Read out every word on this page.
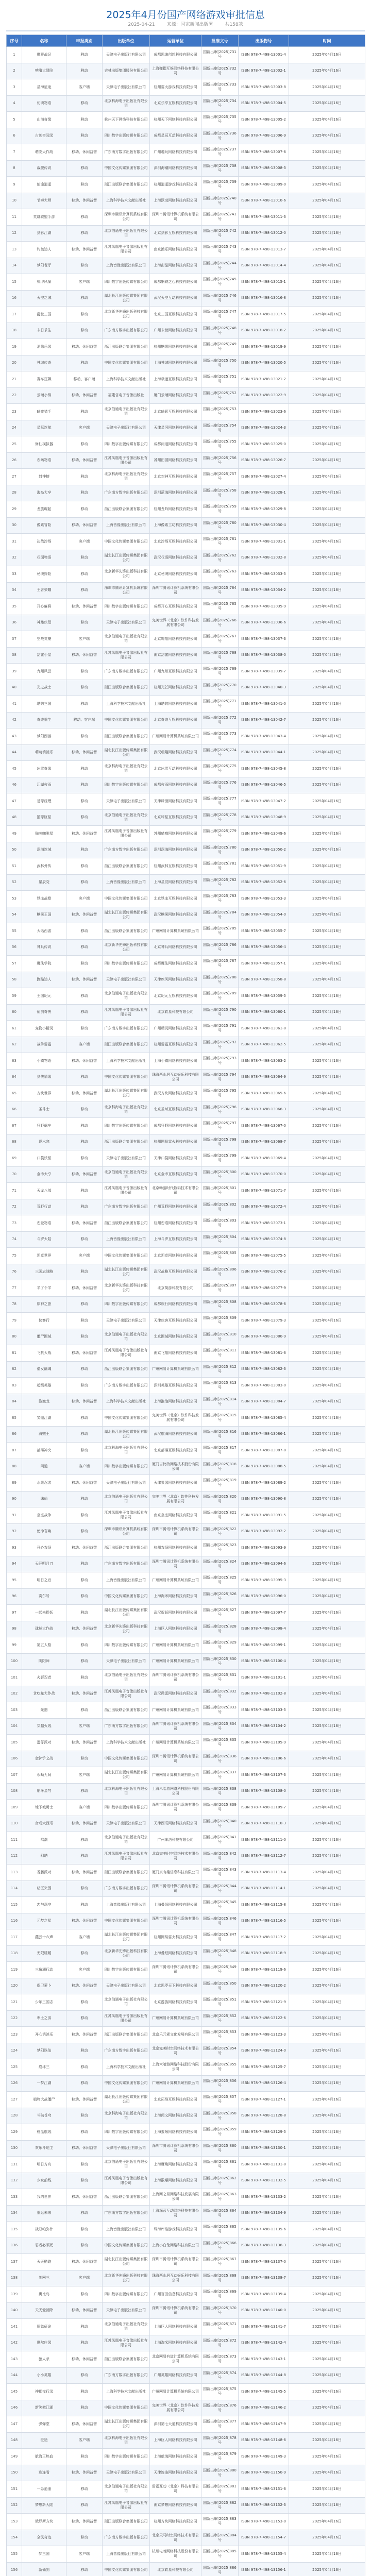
2025年4月份国产网络游戏审批信息
2025-04-21	来源：国家新闻出版署	共158款
序号	名称	申报类别	出版单位	运营单位	批准文号	出版物号	时间
1	魔界战记	移动	天津电子出版社有限公司	成都凯迪创想科技有限公司	国新出审[2025]731号	ISBN 978-7-498-13001-4	2025年04月16日
2	咕噜大冒险	移动	吉林出版集团股份有限公司	上海弹指互娱网络科技有限公司	国新出审[2025]732号	ISBN 978-7-498-13002-1	2025年04月16日
3	星海征途	客户端	天津电子出版社有限公司	杭州雷火游戏科技有限公司	国新出审[2025]733号	ISBN 978-7-498-13003-8	2025年04月16日
4	幻境物语	移动	北京科海电子出版社有限公司	北京乐享互娱科技有限公司	国新出审[2025]734号	ISBN 978-7-498-13004-5	2025年04月16日
5	山海奇缘	移动	杭州天下网络科技有限公司	杭州天下网络科技有限公司	国新出审[2025]735号	ISBN 978-7-498-13005-2	2025年04月16日
6	古剑奇闻录	移动	四川数字出版传媒有限公司	成都星辰互动科技有限公司	国新出审[2025]736号	ISBN 978-7-498-13006-9	2025年04月16日
7	萌宠大作战	移动、休闲益智	广东南方数字出版有限公司	广州趣玩网络科技有限公司	国新出审[2025]737号	ISBN 978-7-498-13007-6	2025年04月16日
8	战舰传说	移动	中国文化传媒集团有限公司	深圳海潮网络科技有限公司	国新出审[2025]738号	ISBN 978-7-498-13008-3	2025年04月16日
9	仙途逍遥	移动	浙江出版联合集团有限公司	杭州逍遥游戏科技有限公司	国新出审[2025]739号	ISBN 978-7-498-13009-0	2025年04月16日
10	节奏大师	移动、休闲益智	上海科学技术文献出版社	上海跃动网络科技有限公司	国新出审[2025]740号	ISBN 978-7-498-13010-6	2025年04月16日
11	英雄联盟手游	移动	深圳市腾讯计算机系统有限公司	深圳市腾讯计算机系统有限公司	国新出审[2025]741号	ISBN 978-7-498-13011-3	2025年04月16日
12	剑影江湖	移动	北京伯通电子出版社有限公司	北京剑影互娱科技有限公司	国新出审[2025]742号	ISBN 978-7-498-13012-0	2025年04月16日
13	钓鱼达人	移动、休闲益智	江苏凤凰电子音像出版社有限公司	南京渔乐网络科技有限公司	国新出审[2025]743号	ISBN 978-7-498-13013-7	2025年04月16日
14	梦幻餐厅	移动	上海音像出版社有限公司	上海甜品网络科技有限公司	国新出审[2025]744号	ISBN 978-7-498-13014-4	2025年04月16日
15	机甲风暴	客户端	四川数字出版传媒有限公司	成都钢铁之心科技有限公司	国新出审[2025]745号	ISBN 978-7-498-13015-1	2025年04月16日
16	天空之城	移动	湖北长江出版传媒集团有限公司	武汉天空互动科技有限公司	国新出审[2025]746号	ISBN 978-7-498-13016-8	2025年04月16日
17	乱世三国	移动	北京新华先锋出版科技有限公司	北京三国互娱科技有限公司	国新出审[2025]747号	ISBN 978-7-498-13017-5	2025年04月16日
18	末日求生	移动	广东南方数字出版有限公司	广州末世网络科技有限公司	国新出审[2025]748号	ISBN 978-7-498-13018-2	2025年04月16日
19	消除乐园	移动、休闲益智	浙江出版联合集团有限公司	杭州糖果网络科技有限公司	国新出审[2025]749号	ISBN 978-7-498-13019-9	2025年04月16日
20	神域传奇	移动	中国文化传媒集团有限公司	上海神域网络科技有限公司	国新出审[2025]750号	ISBN 978-7-498-13020-5	2025年04月16日
21	赛车狂飙	移动、客户端	上海科学技术文献出版社	上海极速互娱科技有限公司	国新出审[2025]751号	ISBN 978-7-498-13021-2	2025年04月16日
22	云端小镇	移动、休闲益智	福建省电子音像出版社	厦门云端网络科技有限公司	国新出审[2025]752号	ISBN 978-7-498-13022-9	2025年04月16日
23	暗夜猎手	移动	北京伯通电子出版社有限公司	北京暗影互娱科技有限公司	国新出审[2025]753号	ISBN 978-7-498-13023-6	2025年04月16日
24	星际迷航	客户端	天津电子出版社有限公司	天津星河网络科技有限公司	国新出审[2025]754号	ISBN 978-7-498-13024-3	2025年04月16日
25	修仙模拟器	移动	四川数字出版传媒有限公司	成都问道网络科技有限公司	国新出审[2025]755号	ISBN 978-7-498-13025-0	2025年04月16日
26	农场物语	移动、休闲益智	江苏凤凰电子音像出版社有限公司	苏州田园网络科技有限公司	国新出审[2025]756号	ISBN 978-7-498-13026-7	2025年04月16日
27	封神榜	移动	北京科海电子出版社有限公司	北京封神互娱科技有限公司	国新出审[2025]757号	ISBN 978-7-498-13027-4	2025年04月16日
28	海岛大亨	移动	广东南方数字出版有限公司	深圳蓝海网络科技有限公司	国新出审[2025]758号	ISBN 978-7-498-13028-1	2025年04月16日
29	龙族崛起	移动	浙江出版联合集团有限公司	杭州龙吟网络科技有限公司	国新出审[2025]759号	ISBN 978-7-498-13029-8	2025年04月16日
30	像素冒险	移动、休闲益智	上海音像出版社有限公司	上海像素工坊科技有限公司	国新出审[2025]760号	ISBN 978-7-498-13030-4	2025年04月16日
31	决战沙场	客户端	中国文化传媒集团有限公司	北京沙场互娱科技有限公司	国新出审[2025]761号	ISBN 978-7-498-13031-1	2025年04月16日
32	花园物语	移动	湖北长江出版传媒集团有限公司	武汉花语网络科技有限公司	国新出审[2025]762号	ISBN 978-7-498-13032-8	2025年04月16日
33	秘境探险	移动	北京新华先锋出版科技有限公司	北京秘境网络科技有限公司	国新出审[2025]763号	ISBN 978-7-498-13033-5	2025年04月16日
34	王者荣耀	移动	深圳市腾讯计算机系统有限公司	深圳市腾讯计算机系统有限公司	国新出审[2025]764号	ISBN 978-7-498-13034-2	2025年04月16日
35	开心麻将	移动、休闲益智	四川数字出版传媒有限公司	成都开心互娱科技有限公司	国新出审[2025]765号	ISBN 978-7-498-13035-9	2025年04月16日
36	神雕侠侣	移动	天津电子出版社有限公司	完美世界（北京）软件科技发展有限公司	国新出审[2025]766号	ISBN 978-7-498-13036-6	2025年04月16日
37	空战英豪	客户端	北京伯通电子出版社有限公司	北京翱翔网络科技有限公司	国新出审[2025]767号	ISBN 978-7-498-13037-3	2025年04月16日
38	甜蜜小屋	移动、休闲益智	江苏凤凰电子音像出版社有限公司	南京甜蜜网络科技有限公司	国新出审[2025]768号	ISBN 978-7-498-13038-0	2025年04月16日
39	九州风云	移动	广东南方数字出版有限公司	广州九州互娱科技有限公司	国新出审[2025]769号	ISBN 978-7-498-13039-7	2025年04月16日
40	光之战士	移动	浙江出版联合集团有限公司	杭州光芒网络科技有限公司	国新出审[2025]770号	ISBN 978-7-498-13040-3	2025年04月16日
41	塔防三国	移动	上海科学技术文献出版社	上海塔防网络科技有限公司	国新出审[2025]771号	ISBN 978-7-498-13041-0	2025年04月16日
42	奇迹重生	移动、客户端	中国文化传媒集团有限公司	北京奇迹互娱科技有限公司	国新出审[2025]772号	ISBN 978-7-498-13042-7	2025年04月16日
43	梦幻西游	移动	浙江出版联合集团有限公司	广州网易计算机系统有限公司	国新出审[2025]773号	ISBN 978-7-498-13043-4	2025年04月16日
44	萌萌消消乐	移动、休闲益智	湖北长江出版传媒集团有限公司	武汉萌趣网络科技有限公司	国新出审[2025]774号	ISBN 978-7-498-13044-1	2025年04月16日
45	冰雪奇缘	移动	北京科海电子出版社有限公司	北京冰雪互动科技有限公司	国新出审[2025]775号	ISBN 978-7-498-13045-8	2025年04月16日
46	江湖夜雨	移动	四川数字出版传媒有限公司	成都夜雨网络科技有限公司	国新出审[2025]776号	ISBN 978-7-498-13046-5	2025年04月16日
47	足球经理	移动	天津电子出版社有限公司	天津绿茵网络科技有限公司	国新出审[2025]777号	ISBN 978-7-498-13047-2	2025年04月16日
48	篮球巨星	移动	北京伯通电子出版社有限公司	北京球星互娱科技有限公司	国新出审[2025]778号	ISBN 978-7-498-13048-9	2025年04月16日
49	猫咪咖啡屋	移动、休闲益智	江苏凤凰电子音像出版社有限公司	苏州喵喵网络科技有限公司	国新出审[2025]779号	ISBN 978-7-498-13049-6	2025年04月16日
50	深海迷城	移动	广东南方数字出版有限公司	深圳深海网络科技有限公司	国新出审[2025]780号	ISBN 978-7-498-13050-2	2025年04月16日
51	武林外传	移动	浙江出版联合集团有限公司	杭州武林互娱科技有限公司	国新出审[2025]781号	ISBN 978-7-498-13051-9	2025年04月16日
52	星辰变	移动	上海音像出版社有限公司	上海星辰网络科技有限公司	国新出审[2025]782号	ISBN 978-7-498-13052-6	2025年04月16日
53	铁血战歌	客户端	中国文化传媒集团有限公司	北京铁血互娱科技有限公司	国新出审[2025]783号	ISBN 978-7-498-13053-3	2025年04月16日
54	糖果王国	移动、休闲益智	湖北长江出版传媒集团有限公司	武汉糖果网络科技有限公司	国新出审[2025]784号	ISBN 978-7-498-13054-0	2025年04月16日
55	大话西游	移动	浙江出版联合集团有限公司	广州网易计算机系统有限公司	国新出审[2025]785号	ISBN 978-7-498-13055-7	2025年04月16日
56	神兵传说	移动	北京新华先锋出版科技有限公司	北京神兵网络科技有限公司	国新出审[2025]786号	ISBN 978-7-498-13056-4	2025年04月16日
57	魔法学院	移动	四川数字出版传媒有限公司	成都魔法网络科技有限公司	国新出审[2025]787号	ISBN 978-7-498-13057-1	2025年04月16日
58	跑酷达人	移动、休闲益智	天津电子出版社有限公司	天津疾风网络科技有限公司	国新出审[2025]788号	ISBN 978-7-498-13058-8	2025年04月16日
59	王国纪元	移动	北京伯通电子出版社有限公司	北京纪元互娱科技有限公司	国新出审[2025]789号	ISBN 978-7-498-13059-5	2025年04月16日
60	仙剑奇侠	移动	江苏凤凰电子音像出版社有限公司	北京软星科技有限公司	国新出审[2025]790号	ISBN 978-7-498-13060-1	2025年04月16日
61	宠物小精灵	移动	广东南方数字出版有限公司	广州精灵网络科技有限公司	国新出审[2025]791号	ISBN 978-7-498-13061-8	2025年04月16日
62	战争雷霆	客户端	浙江出版联合集团有限公司	杭州雷霆互娱科技有限公司	国新出审[2025]792号	ISBN 978-7-498-13062-5	2025年04月16日
63	小镇物语	移动、休闲益智	上海科学技术文献出版社	上海小镇网络科技有限公司	国新出审[2025]793号	ISBN 978-7-498-13063-2	2025年04月16日
64	剑侠情缘	移动	中国文化传媒集团有限公司	珠海西山居互动娱乐科技有限公司	国新出审[2025]794号	ISBN 978-7-498-13064-9	2025年04月16日
65	方块世界	移动、休闲益智	湖北长江出版传媒集团有限公司	武汉方块网络科技有限公司	国新出审[2025]795号	ISBN 978-7-498-13065-6	2025年04月16日
66	圣斗士	移动	北京科海电子出版社有限公司	北京圣域互娱科技有限公司	国新出审[2025]796号	ISBN 978-7-498-13066-3	2025年04月16日
67	狂野飙车	移动	四川数字出版传媒有限公司	成都狂野网络科技有限公司	国新出审[2025]797号	ISBN 978-7-498-13067-0	2025年04月16日
68	逆水寒	移动	浙江出版联合集团有限公司	杭州网易雷火科技有限公司	国新出审[2025]798号	ISBN 978-7-498-13068-7	2025年04月16日
69	口袋妖怪	移动	天津电子出版社有限公司	天津口袋网络科技有限公司	国新出审[2025]799号	ISBN 978-7-498-13069-4	2025年04月16日
70	金币大亨	移动、休闲益智	北京伯通电子出版社有限公司	北京金币互娱科技有限公司	国新出审[2025]800号	ISBN 978-7-498-13070-0	2025年04月16日
71	天龙八部	移动	江苏凤凰电子音像出版社有限公司	北京畅游时代数码技术有限公司	国新出审[2025]801号	ISBN 978-7-498-13071-7	2025年04月16日
72	荒野行动	移动	广东南方数字出版有限公司	广州荒野网络科技有限公司	国新出审[2025]802号	ISBN 978-7-498-13072-4	2025年04月16日
73	恋爱物语	移动、休闲益智	浙江出版联合集团有限公司	杭州恋语网络科技有限公司	国新出审[2025]803号	ISBN 978-7-498-13073-1	2025年04月16日
74	斗罗大陆	移动	上海音像出版社有限公司	上海斗罗互娱科技有限公司	国新出审[2025]804号	ISBN 978-7-498-13074-8	2025年04月16日
75	坦克世界	客户端	中国文化传媒集团有限公司	北京坦克网络科技有限公司	国新出审[2025]805号	ISBN 978-7-498-13075-5	2025年04月16日
76	三国志战略	移动	湖北长江出版传媒集团有限公司	武汉战略互娱科技有限公司	国新出审[2025]806号	ISBN 978-7-498-13076-2	2025年04月16日
77	羊了个羊	移动、休闲益智	北京新华先锋出版科技有限公司	北京简游科技有限公司	国新出审[2025]807号	ISBN 978-7-498-13077-9	2025年04月16日
78	原神之旅	移动	四川数字出版传媒有限公司	成都旅行网络科技有限公司	国新出审[2025]808号	ISBN 978-7-498-13078-6	2025年04月16日
79	侠客行	移动	天津电子出版社有限公司	天津侠客互娱科技有限公司	国新出审[2025]809号	ISBN 978-7-498-13079-3	2025年04月16日
80	僵尸围城	移动	北京伯通电子出版社有限公司	北京围城网络科技有限公司	国新出审[2025]810号	ISBN 978-7-498-13080-9	2025年04月16日
81	飞机大战	移动、休闲益智	江苏凤凰电子音像出版社有限公司	南京飞翔网络科技有限公司	国新出审[2025]811号	ISBN 978-7-498-13081-6	2025年04月16日
82	倩女幽魂	移动	浙江出版联合集团有限公司	广州网易计算机系统有限公司	国新出审[2025]812号	ISBN 978-7-498-13082-3	2025年04月16日
83	超级英雄	移动	广东南方数字出版有限公司	深圳英雄互娱科技有限公司	国新出审[2025]813号	ISBN 978-7-498-13083-0	2025年04月16日
84	泡泡龙	移动、休闲益智	上海科学技术文献出版社	上海泡泡网络科技有限公司	国新出审[2025]814号	ISBN 978-7-498-13084-7	2025年04月16日
85	笑傲江湖	移动	中国文化传媒集团有限公司	完美世界（北京）软件科技发展有限公司	国新出审[2025]815号	ISBN 978-7-498-13085-4	2025年04月16日
86	海贼王	移动	湖北长江出版传媒集团有限公司	武汉航海网络科技有限公司	国新出审[2025]816号	ISBN 978-7-498-13086-1	2025年04月16日
87	部落冲突	移动	北京科海电子出版社有限公司	北京部落互娱科技有限公司	国新出审[2025]817号	ISBN 978-7-498-13087-8	2025年04月16日
88	问道	客户端	四川数字出版传媒有限公司	厦门吉比特网络技术股份有限公司	国新出审[2025]818号	ISBN 978-7-498-13088-5	2025年04月16日
89	水果忍者	移动、休闲益智	天津电子出版社有限公司	天津果园网络科技有限公司	国新出审[2025]819号	ISBN 978-7-498-13089-2	2025年04月16日
90	诛仙	移动	北京伯通电子出版社有限公司	完美世界（北京）软件科技发展有限公司	国新出审[2025]820号	ISBN 978-7-498-13090-8	2025年04月16日
91	皇室战争	移动	江苏凤凰电子音像出版社有限公司	南京皇室网络科技有限公司	国新出审[2025]821号	ISBN 978-7-498-13091-5	2025年04月16日
92	使命召唤	移动	深圳市腾讯计算机系统有限公司	深圳市腾讯计算机系统有限公司	国新出审[2025]822号	ISBN 978-7-498-13092-2	2025年04月16日
93	开心农场	移动、休闲益智	浙江出版联合集团有限公司	杭州农场网络科技有限公司	国新出审[2025]823号	ISBN 978-7-498-13093-9	2025年04月16日
94	天涯明月刀	移动	广东南方数字出版有限公司	深圳市腾讯计算机系统有限公司	国新出审[2025]824号	ISBN 978-7-498-13094-6	2025年04月16日
95	明日之后	移动	上海音像出版社有限公司	广州网易计算机系统有限公司	国新出审[2025]825号	ISBN 978-7-498-13095-3	2025年04月16日
96	赛尔号	移动	中国文化传媒集团有限公司	上海淘米网络科技有限公司	国新出审[2025]826号	ISBN 978-7-498-13096-0	2025年04月16日
97	一起来捉妖	移动	湖北长江出版传媒集团有限公司	武汉捉妖网络科技有限公司	国新出审[2025]827号	ISBN 978-7-498-13097-7	2025年04月16日
98	球球大作战	移动、休闲益智	北京新华先锋出版科技有限公司	上海巨人网络科技有限公司	国新出审[2025]828号	ISBN 978-7-498-13098-4	2025年04月16日
99	第五人格	移动	四川数字出版传媒有限公司	广州网易计算机系统有限公司	国新出审[2025]829号	ISBN 978-7-498-13099-1	2025年04月16日
100	阴阳师	移动	天津电子出版社有限公司	广州网易计算机系统有限公司	国新出审[2025]830号	ISBN 978-7-498-13100-4	2025年04月16日
101	火影忍者	移动	北京伯通电子出版社有限公司	深圳市腾讯计算机系统有限公司	国新出审[2025]831号	ISBN 978-7-498-13101-1	2025年04月16日
102	贪吃蛇大作战	移动、休闲益智	江苏凤凰电子音像出版社有限公司	武汉微派网络科技有限公司	国新出审[2025]832号	ISBN 978-7-498-13102-8	2025年04月16日
103	光遇	移动	浙江出版联合集团有限公司	广州网易计算机系统有限公司	国新出审[2025]833号	ISBN 978-7-498-13103-5	2025年04月16日
104	穿越火线	客户端	广东南方数字出版有限公司	深圳市腾讯计算机系统有限公司	国新出审[2025]834号	ISBN 978-7-498-13104-2	2025年04月16日
105	蛋仔派对	移动、休闲益智	上海科学技术文献出版社	广州网易计算机系统有限公司	国新出审[2025]835号	ISBN 978-7-498-13105-9	2025年04月16日
106	金铲铲之战	移动	中国文化传媒集团有限公司	深圳市腾讯计算机系统有限公司	国新出审[2025]836号	ISBN 978-7-498-13106-6	2025年04月16日
107	永劫无间	客户端	湖北长江出版传媒集团有限公司	广州网易计算机系统有限公司	国新出审[2025]837号	ISBN 978-7-498-13107-3	2025年04月16日
108	崩坏星穹	移动	北京科海电子出版社有限公司	上海米哈游网络科技股份有限公司	国新出审[2025]838号	ISBN 978-7-498-13108-0	2025年04月16日
109	地下城勇士	客户端	四川数字出版传媒有限公司	深圳市腾讯计算机系统有限公司	国新出审[2025]839号	ISBN 978-7-498-13109-7	2025年04月16日
110	合成大西瓜	移动、休闲益智	天津电子出版社有限公司	天津西瓜网络科技有限公司	国新出审[2025]840号	ISBN 978-7-498-13110-3	2025年04月16日
111	鸣潮	移动	北京伯通电子出版社有限公司	广州库洛科技有限公司	国新出审[2025]841号	ISBN 978-7-498-13111-0	2025年04月16日
112	幻塔	移动	江苏凤凰电子音像出版社有限公司	北京完美时空网络技术有限公司	国新出审[2025]842号	ISBN 978-7-498-13112-7	2025年04月16日
113	香肠派对	移动、休闲益智	浙江出版联合集团有限公司	厦门真有趣信息科技有限公司	国新出审[2025]843号	ISBN 978-7-498-13113-4	2025年04月16日
114	暗区突围	移动	广东南方数字出版有限公司	深圳市腾讯计算机系统有限公司	国新出审[2025]844号	ISBN 978-7-498-13114-1	2025年04月16日
115	恋与深空	移动	上海音像出版社有限公司	上海叠纸网络科技有限公司	国新出审[2025]845号	ISBN 978-7-498-13115-8	2025年04月16日
116	元梦之星	移动、休闲益智	中国文化传媒集团有限公司	深圳市腾讯计算机系统有限公司	国新出审[2025]846号	ISBN 978-7-498-13116-5	2025年04月16日
117	燕云十六声	客户端	湖北长江出版传媒集团有限公司	杭州网易雷火科技有限公司	国新出审[2025]847号	ISBN 978-7-498-13117-2	2025年04月16日
118	无限暖暖	移动	北京新华先锋出版科技有限公司	上海叠纸网络科技有限公司	国新出审[2025]848号	ISBN 978-7-498-13118-9	2025年04月16日
119	三角洲行动	客户端	四川数字出版传媒有限公司	深圳市腾讯计算机系统有限公司	国新出审[2025]849号	ISBN 978-7-498-13119-6	2025年04月16日
120	保卫萝卜	移动、休闲益智	天津电子出版社有限公司	北京凯罗天下科技有限公司	国新出审[2025]850号	ISBN 978-7-498-13120-2	2025年04月16日
121	少年三国志	移动	北京伯通电子出版社有限公司	北京游族网络科技有限公司	国新出审[2025]851号	ISBN 978-7-498-13121-9	2025年04月16日
122	率土之滨	移动	江苏凤凰电子音像出版社有限公司	广州网易计算机系统有限公司	国新出审[2025]852号	ISBN 978-7-498-13122-6	2025年04月16日
123	开心消消乐	移动、休闲益智	浙江出版联合集团有限公司	北京乐元素文化发展有限公司	国新出审[2025]853号	ISBN 978-7-498-13123-3	2025年04月16日
124	梦幻诛仙	移动	广东南方数字出版有限公司	北京完美时空网络技术有限公司	国新出审[2025]854号	ISBN 978-7-498-13124-0	2025年04月16日
125	崩坏三	移动	上海科学技术文献出版社	上海米哈游网络科技股份有限公司	国新出审[2025]855号	ISBN 978-7-498-13125-7	2025年04月16日
126	一梦江湖	移动	中国文化传媒集团有限公司	广州网易计算机系统有限公司	国新出审[2025]856号	ISBN 978-7-498-13126-4	2025年04月16日
127	植物大战僵尸	移动、休闲益智	湖北长江出版传媒集团有限公司	北京拓维互娱科技有限公司	国新出审[2025]857号	ISBN 978-7-498-13127-1	2025年04月16日
128	斗破苍穹	移动	北京科海电子出版社有限公司	上海阅文网络科技有限公司	国新出审[2025]858号	ISBN 978-7-498-13128-8	2025年04月16日
129	碧蓝航线	移动	四川数字出版传媒有限公司	上海蛮啾网络科技有限公司	国新出审[2025]859号	ISBN 978-7-498-13129-5	2025年04月16日
130	欢乐斗地主	移动、休闲益智	天津电子出版社有限公司	深圳市腾讯计算机系统有限公司	国新出审[2025]860号	ISBN 978-7-498-13130-1	2025年04月16日
131	明日方舟	移动	北京伯通电子出版社有限公司	上海鹰角网络科技有限公司	国新出审[2025]861号	ISBN 978-7-498-13131-8	2025年04月16日
132	少女前线	移动	江苏凤凰电子音像出版社有限公司	上海散爆网络科技有限公司	国新出审[2025]862号	ISBN 978-7-498-13132-5	2025年04月16日
133	我的世界	移动、休闲益智	浙江出版联合集团有限公司	上海网之易网络科技发展有限公司	国新出审[2025]863号	ISBN 978-7-498-13133-2	2025年04月16日
134	重返未来	移动	广东南方数字出版有限公司	上海深蓝互动网络科技有限公司	国新出审[2025]864号	ISBN 978-7-498-13134-9	2025年04月16日
135	战双帕弥什	移动	上海音像出版社有限公司	珠海库洛游戏科技有限公司	国新出审[2025]865号	ISBN 978-7-498-13135-6	2025年04月16日
136	忍者必须死	移动	中国文化传媒集团有限公司	上海小白兔网络科技有限公司	国新出审[2025]866号	ISBN 978-7-498-13136-3	2025年04月16日
137	天天酷跑	移动、休闲益智	湖北长江出版传媒集团有限公司	深圳市腾讯计算机系统有限公司	国新出审[2025]867号	ISBN 978-7-498-13137-0	2025年04月16日
138	剑网三	客户端	北京新华先锋出版科技有限公司	珠海西山居互动娱乐科技有限公司	国新出审[2025]868号	ISBN 978-7-498-13138-7	2025年04月16日
139	奥比岛	移动	四川数字出版传媒有限公司	广州百田信息科技有限公司	国新出审[2025]869号	ISBN 978-7-498-13139-4	2025年04月16日
140	天天爱消除	移动、休闲益智	天津电子出版社有限公司	深圳市腾讯计算机系统有限公司	国新出审[2025]870号	ISBN 978-7-498-13140-0	2025年04月16日
141	原始征途	移动	北京伯通电子出版社有限公司	上海巨人网络科技有限公司	国新出审[2025]871号	ISBN 978-7-498-13141-7	2025年04月16日
142	摩尔庄园	移动	江苏凤凰电子音像出版社有限公司	上海淘米网络科技有限公司	国新出审[2025]872号	ISBN 978-7-498-13142-4	2025年04月16日
143	狼人杀	移动、休闲益智	浙江出版联合集团有限公司	北京网易有道计算机系统有限公司	国新出审[2025]873号	ISBN 978-7-498-13143-1	2025年04月16日
144	小小英雄	移动	广东南方数字出版有限公司	广州英雄网络科技有限公司	国新出审[2025]874号	ISBN 978-7-498-13144-8	2025年04月16日
145	神都夜行录	移动	上海科学技术文献出版社	广州网易计算机系统有限公司	国新出审[2025]875号	ISBN 978-7-498-13145-5	2025年04月16日
146	新笑傲江湖	移动	中国文化传媒集团有限公司	完美世界（北京）软件科技发展有限公司	国新出审[2025]876号	ISBN 978-7-498-13146-2	2025年04月16日
147	弹弹堂	移动、休闲益智	湖北长江出版传媒集团有限公司	深圳第七大道科技有限公司	国新出审[2025]877号	ISBN 978-7-498-13147-9	2025年04月16日
148	征途	客户端	北京科海电子出版社有限公司	上海巨人网络科技有限公司	国新出审[2025]878号	ISBN 978-7-498-13148-6	2025年04月16日
149	航海王热血	移动	四川数字出版传媒有限公司	上海航海网络科技有限公司	国新出审[2025]879号	ISBN 978-7-498-13149-3	2025年04月16日
150	连连看	移动、休闲益智	天津电子出版社有限公司	天津连连网络科技有限公司	国新出审[2025]880号	ISBN 978-7-498-13150-9	2025年04月16日
151	一念逍遥	移动	北京伯通电子出版社有限公司	雷霆互动（北京）科技有限公司	国新出审[2025]881号	ISBN 978-7-498-13151-6	2025年04月16日
152	梦想新大陆	移动	江苏凤凰电子音像出版社有限公司	南京梦想网络科技有限公司	国新出审[2025]882号	ISBN 978-7-498-13152-3	2025年04月16日
153	俄罗斯方块	移动、休闲益智	浙江出版联合集团有限公司	杭州方块网络科技有限公司	国新出审[2025]883号	ISBN 978-7-498-13153-0	2025年04月16日
154	全民奇迹	移动	广东南方数字出版有限公司	北京天马时空网络技术有限公司	国新出审[2025]884号	ISBN 978-7-498-13154-7	2025年04月16日
155	梦三国	客户端	上海音像出版社有限公司	杭州电魂网络科技股份有限公司	国新出审[2025]885号	ISBN 978-7-498-13155-4	2025年04月16日
156	新仙剑	移动	中国文化传媒集团有限公司	北京软星科技有限公司	国新出审[2025]886号	ISBN 978-7-498-13156-1	2025年04月16日
